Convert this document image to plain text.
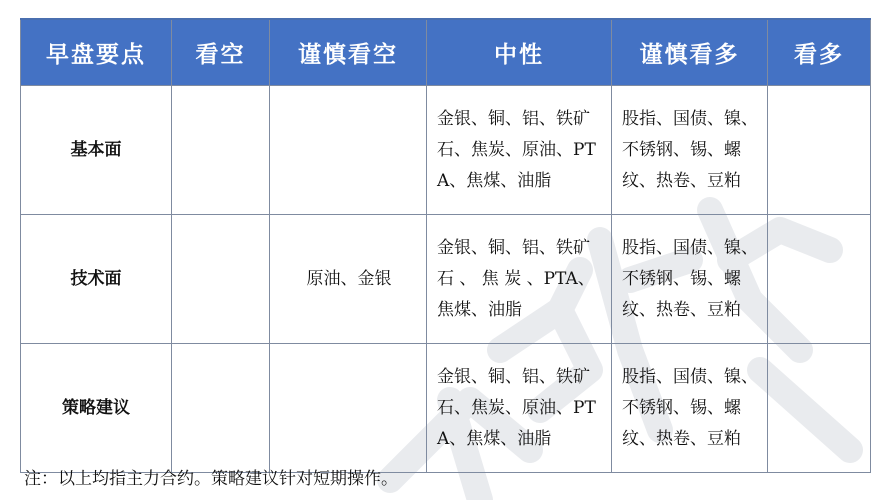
早盘要点	看空	谨慎看空	中性	谨慎看多	看多
基本面			金银、铜、铝、铁矿石、焦炭、原油、PTA、焦煤、油脂	股指、国债、镍、不锈钢、锡、螺纹、热卷、豆粕	
技术面		原油、金银	金银、铜、铝、铁矿 石 、 焦 炭 、PTA、焦煤、油脂	股指、国债、镍、不锈钢、锡、螺纹、热卷、豆粕	
策略建议			金银、铜、铝、铁矿石、焦炭、原油、PTA、焦煤、油脂	股指、国债、镍、不锈钢、锡、螺纹、热卷、豆粕	
注：以上均指主力合约。策略建议针对短期操作。
